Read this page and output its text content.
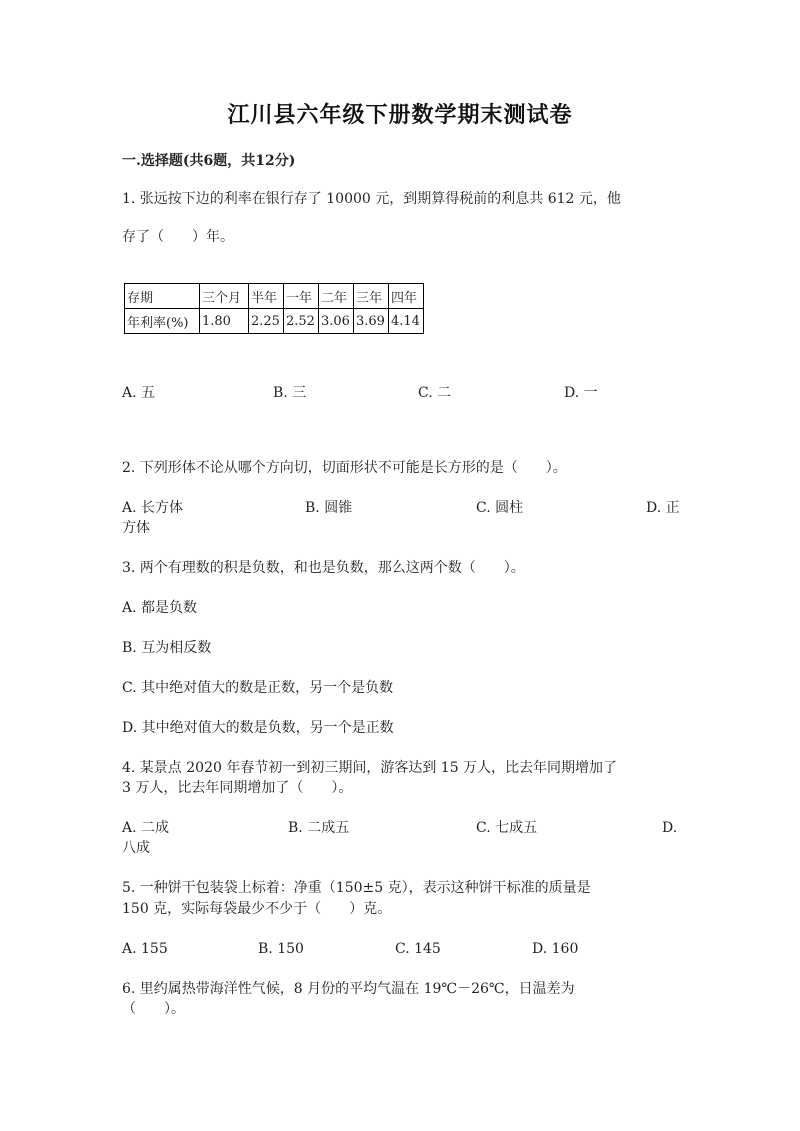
江川县六年级下册数学期末测试卷
一.选择题(共6题，共12分)
1. 张远按下边的利率在银行存了 10000 元，到期算得税前的利息共 612 元，他
存了（　　）年。
存期	三个月	半年	一年	二年	三年	四年
年利率(%)	1.80	2.25	2.52	3.06	3.69	4.14
A. 五	B. 三	C. 二	D. 一
2. 下列形体不论从哪个方向切，切面形状不可能是长方形的是（　　）。
A. 长方体	B. 圆锥	C. 圆柱	D. 正
方体
3. 两个有理数的积是负数，和也是负数，那么这两个数（　　）。
A. 都是负数
B. 互为相反数
C. 其中绝对值大的数是正数，另一个是负数
D. 其中绝对值大的数是负数，另一个是正数
4. 某景点 2020 年春节初一到初三期间，游客达到 15 万人，比去年同期增加了
3 万人，比去年同期增加了（　　）。
A. 二成	B. 二成五	C. 七成五	D.
八成
5. 一种饼干包装袋上标着：净重（150±5 克），表示这种饼干标准的质量是
150 克，实际每袋最少不少于（　　）克。
A. 155	B. 150	C. 145	D. 160
6. 里约属热带海洋性气候，8 月份的平均气温在 19℃－26℃，日温差为
（　　）。
